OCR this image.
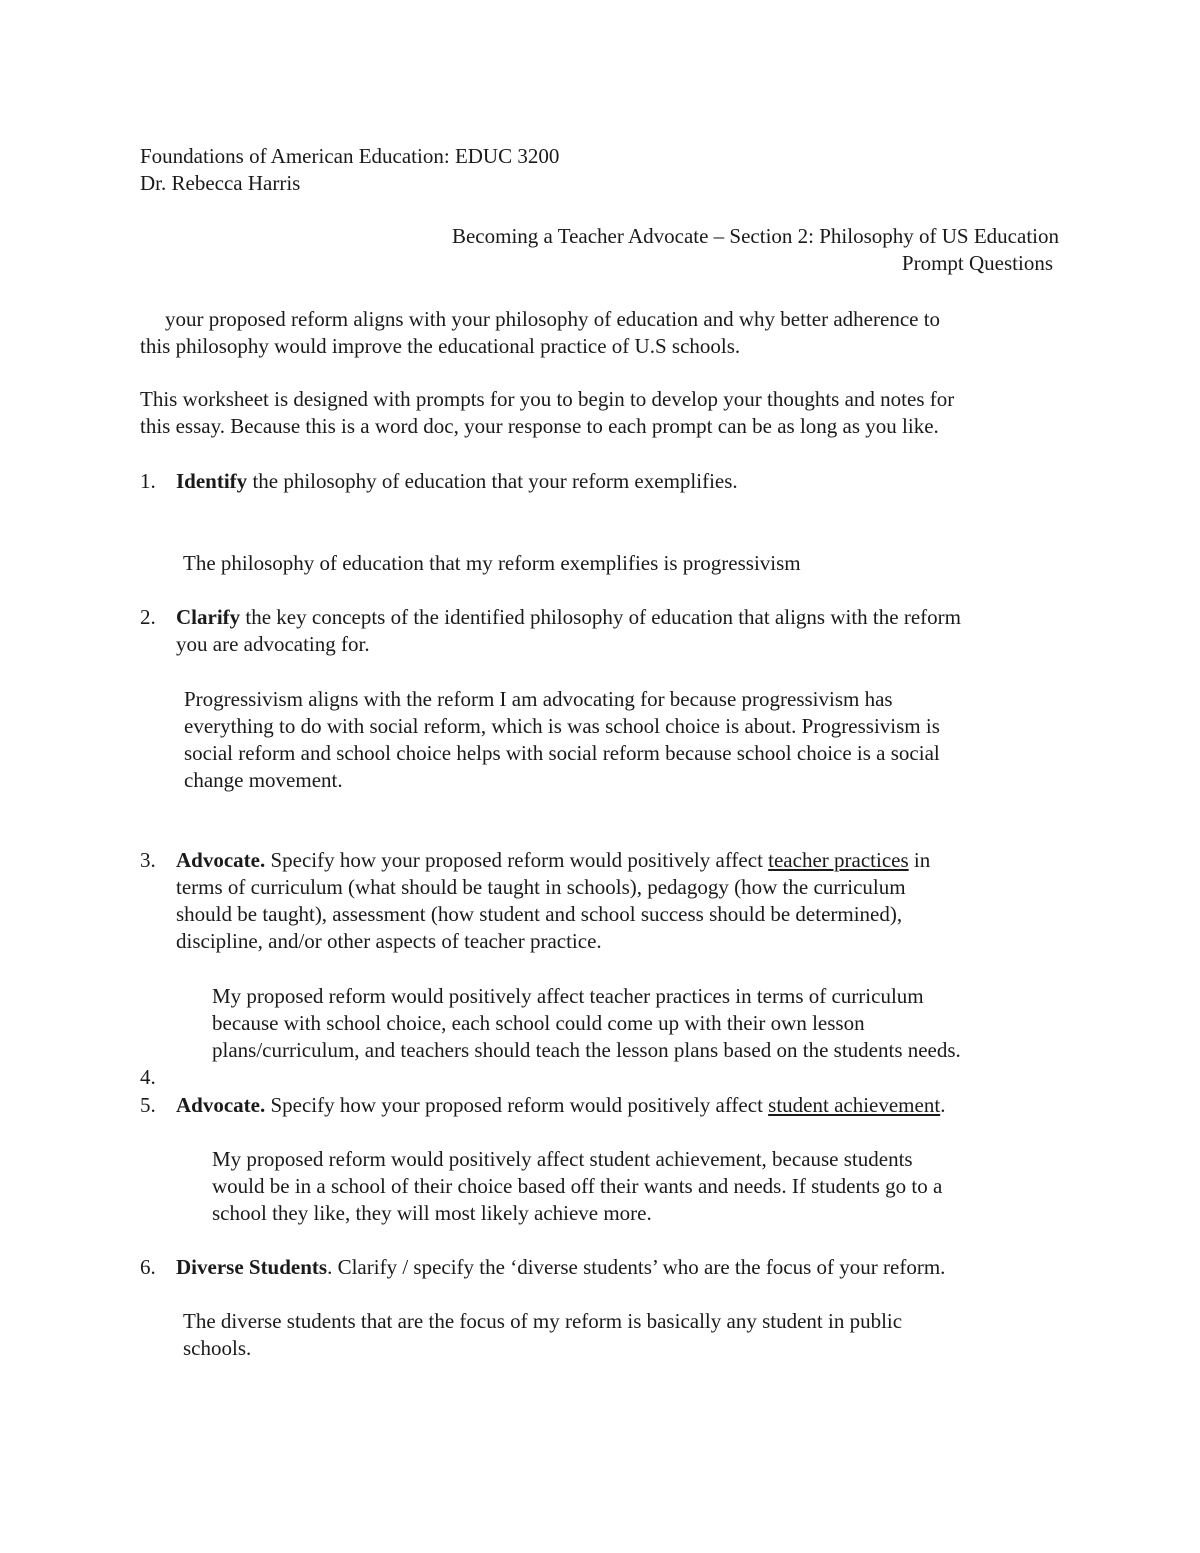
Foundations of American Education: EDUC 3200
Dr. Rebecca Harris
Becoming a Teacher Advocate – Section 2: Philosophy of US Education
Prompt Questions
your proposed reform aligns with your philosophy of education and why better adherence to
this philosophy would improve the educational practice of U.S schools.
This worksheet is designed with prompts for you to begin to develop your thoughts and notes for
this essay. Because this is a word doc, your response to each prompt can be as long as you like.
1. Identify the philosophy of education that your reform exemplifies.
The philosophy of education that my reform exemplifies is progressivism
2. Clarify the key concepts of the identified philosophy of education that aligns with the reform
you are advocating for.
Progressivism aligns with the reform I am advocating for because progressivism has
everything to do with social reform, which is was school choice is about. Progressivism is
social reform and school choice helps with social reform because school choice is a social
change movement.
3. Advocate. Specify how your proposed reform would positively affect teacher practices in
terms of curriculum (what should be taught in schools), pedagogy (how the curriculum
should be taught), assessment (how student and school success should be determined),
discipline, and/or other aspects of teacher practice.
My proposed reform would positively affect teacher practices in terms of curriculum
because with school choice, each school could come up with their own lesson
plans/curriculum, and teachers should teach the lesson plans based on the students needs.
4.
5. Advocate. Specify how your proposed reform would positively affect student achievement.
My proposed reform would positively affect student achievement, because students
would be in a school of their choice based off their wants and needs. If students go to a
school they like, they will most likely achieve more.
6. Diverse Students. Clarify / specify the ‘diverse students’ who are the focus of your reform.
The diverse students that are the focus of my reform is basically any student in public
schools.
